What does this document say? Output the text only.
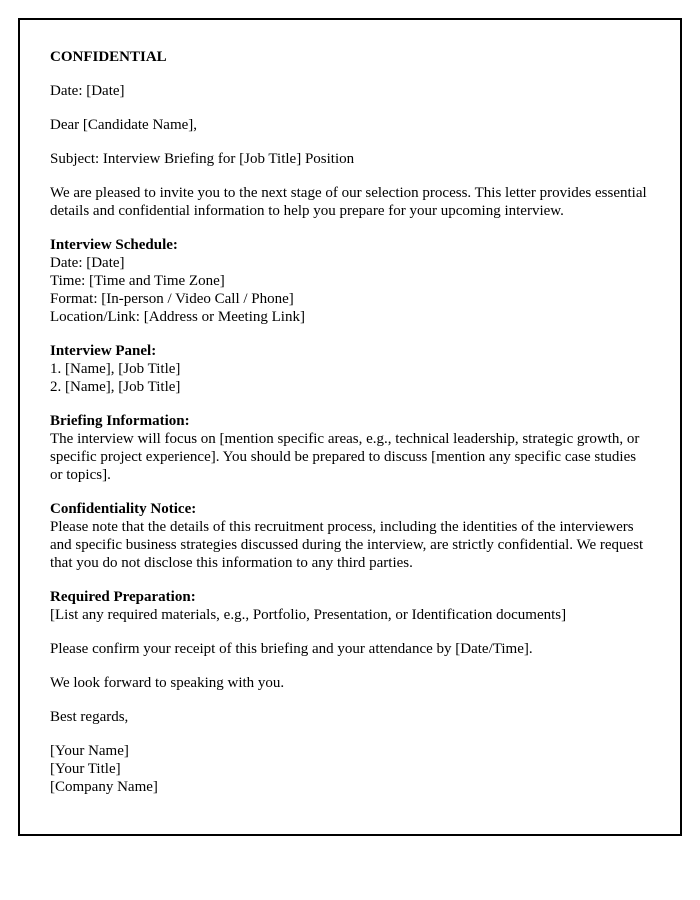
CONFIDENTIAL
Date: [Date]
Dear [Candidate Name],
Subject: Interview Briefing for [Job Title] Position
We are pleased to invite you to the next stage of our selection process. This letter provides essential details and confidential information to help you prepare for your upcoming interview.
Interview Schedule:
Date: [Date]
Time: [Time and Time Zone]
Format: [In-person / Video Call / Phone]
Location/Link: [Address or Meeting Link]
Interview Panel:
1. [Name], [Job Title]
2. [Name], [Job Title]
Briefing Information:
The interview will focus on [mention specific areas, e.g., technical leadership, strategic growth, or specific project experience]. You should be prepared to discuss [mention any specific case studies or topics].
Confidentiality Notice:
Please note that the details of this recruitment process, including the identities of the interviewers and specific business strategies discussed during the interview, are strictly confidential. We request that you do not disclose this information to any third parties.
Required Preparation:
[List any required materials, e.g., Portfolio, Presentation, or Identification documents]
Please confirm your receipt of this briefing and your attendance by [Date/Time].
We look forward to speaking with you.
Best regards,
[Your Name]
[Your Title]
[Company Name]
